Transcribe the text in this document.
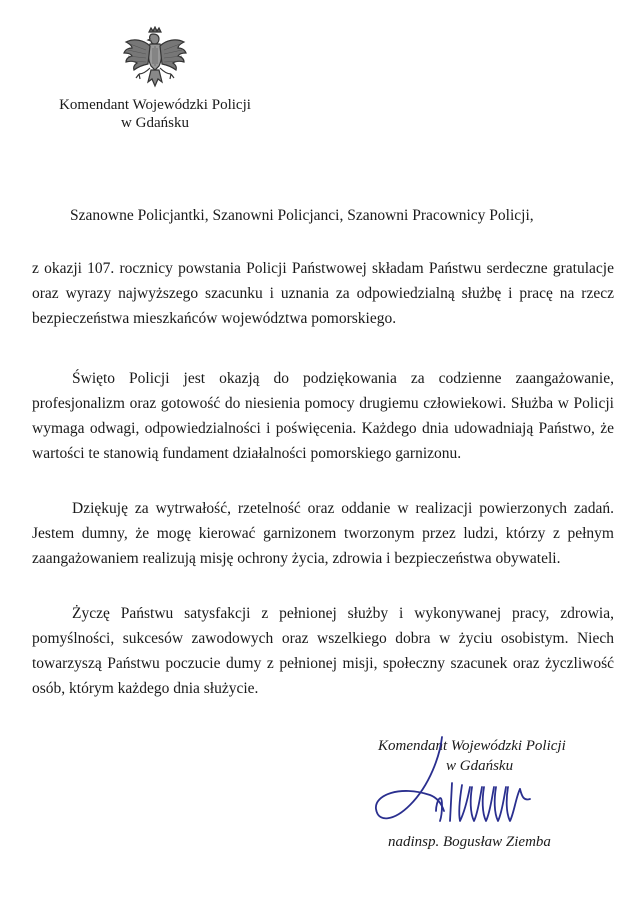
Komendant Wojewódzki Policji
w Gdańsku
Szanowne Policjantki, Szanowni Policjanci, Szanowni Pracownicy Policji,
z okazji 107. rocznicy powstania Policji Państwowej składam Państwu serdeczne gratulacje
oraz wyrazy najwyższego szacunku i uznania za odpowiedzialną służbę i pracę na rzecz
bezpieczeństwa mieszkańców województwa pomorskiego.
Święto Policji jest okazją do podziękowania za codzienne zaangażowanie,
profesjonalizm oraz gotowość do niesienia pomocy drugiemu człowiekowi. Służba w Policji
wymaga odwagi, odpowiedzialności i poświęcenia. Każdego dnia udowadniają Państwo, że
wartości te stanowią fundament działalności pomorskiego garnizonu.
Dziękuję za wytrwałość, rzetelność oraz oddanie w realizacji powierzonych zadań.
Jestem dumny, że mogę kierować garnizonem tworzonym przez ludzi, którzy z pełnym
zaangażowaniem realizują misję ochrony życia, zdrowia i bezpieczeństwa obywateli.
Życzę Państwu satysfakcji z pełnionej służby i wykonywanej pracy, zdrowia,
pomyślności, sukcesów zawodowych oraz wszelkiego dobra w życiu osobistym. Niech
towarzyszą Państwu poczucie dumy z pełnionej misji, społeczny szacunek oraz życzliwość
osób, którym każdego dnia służycie.
Komendant Wojewódzki Policji
w Gdańsku
nadinsp. Bogusław Ziemba
